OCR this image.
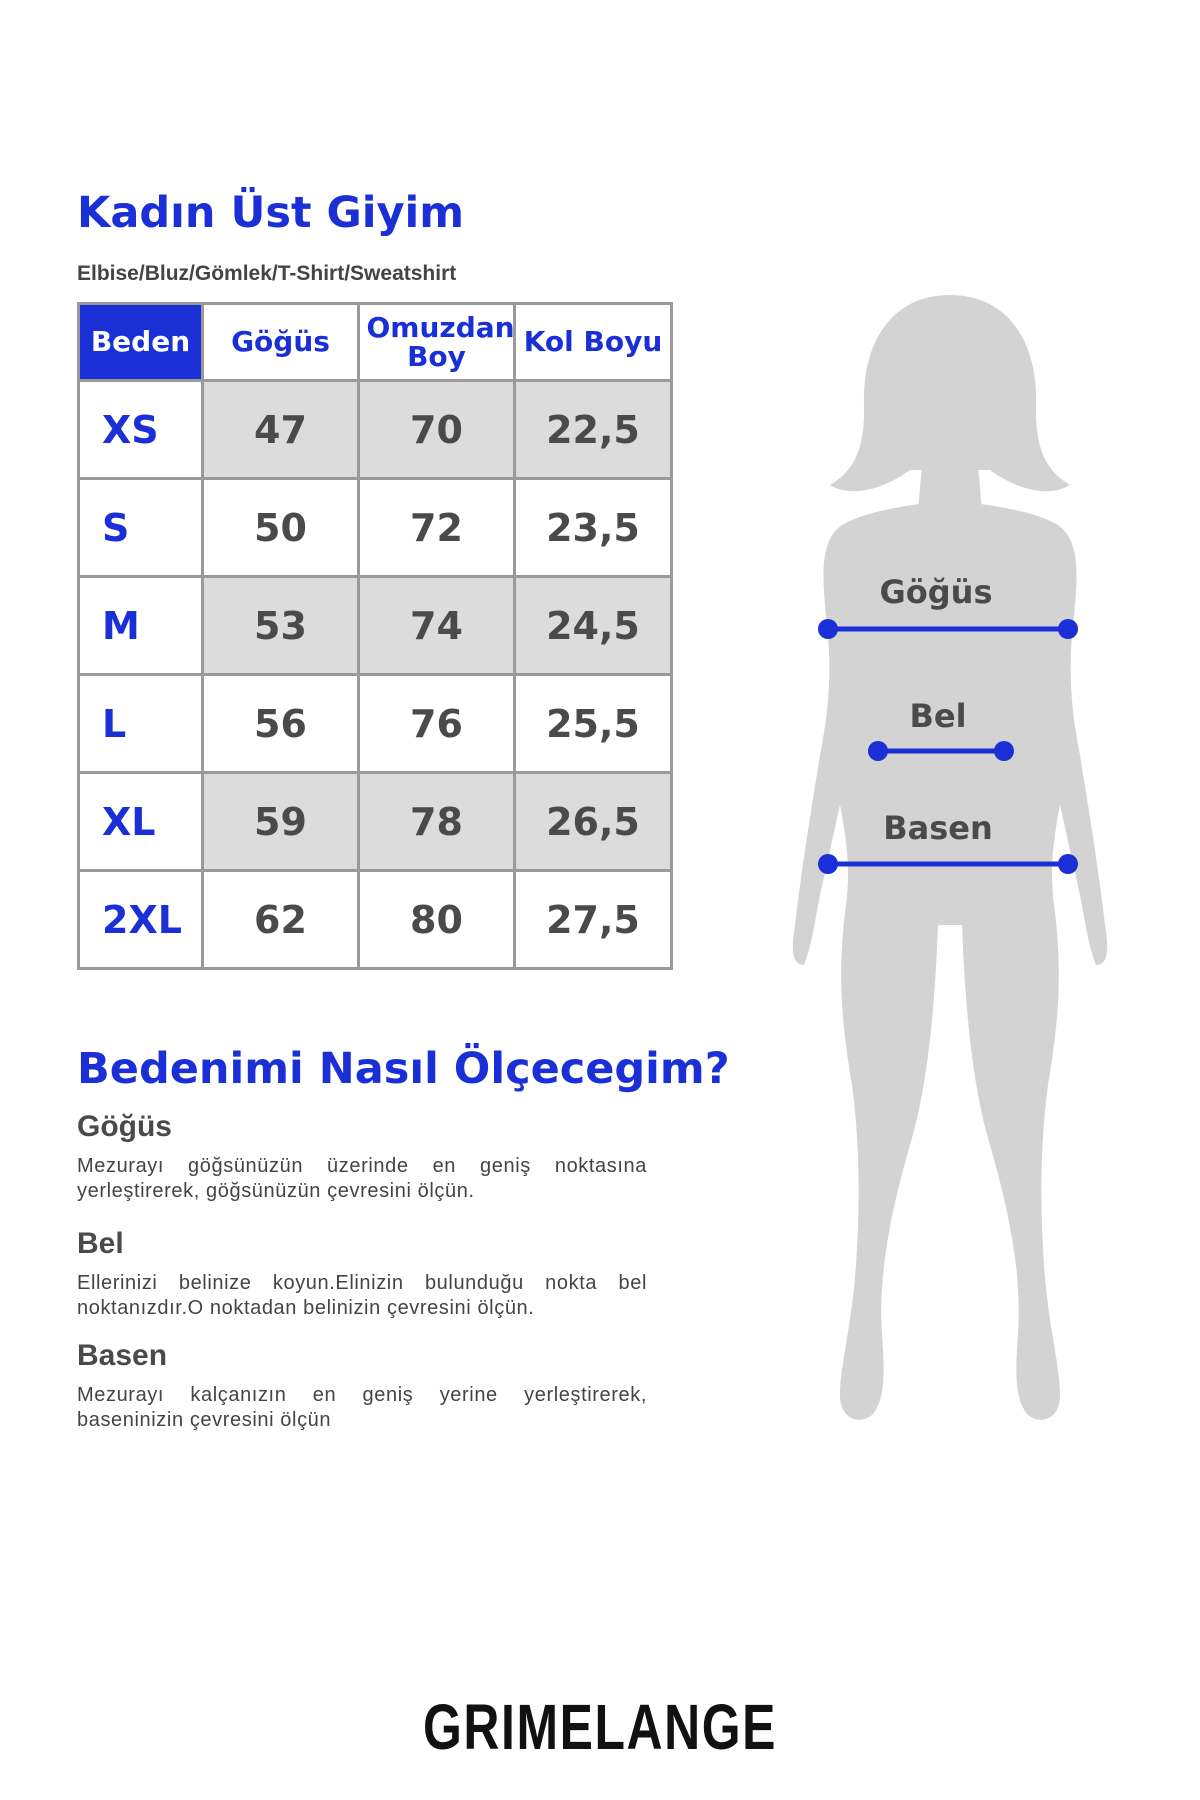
Kadın Üst Giyim
Elbise/Bluz/Gömlek/T-Shirt/Sweatshirt
Beden	Göğüs	Omuzdan Boy	Kol Boyu
XS	47	70	22,5
S	50	72	23,5
M	53	74	24,5
L	56	76	25,5
XL	59	78	26,5
2XL	62	80	27,5
Bedenimi Nasıl Ölçecegim?
Göğüs

Mezurayı göğsünüzün üzerinde en geniş noktasına yerleştirerek, göğsünüzün çevresini ölçün.

Bel

Ellerinizi belinize koyun.Elinizin bulunduğu nokta bel noktanızdır.O noktadan belinizin çevresini ölçün.

Basen

Mezurayı kalçanızın en geniş yerine yerleştirerek, baseninizin çevresini ölçün

Göğüs
Bel
Basen
GRIMELANGE
